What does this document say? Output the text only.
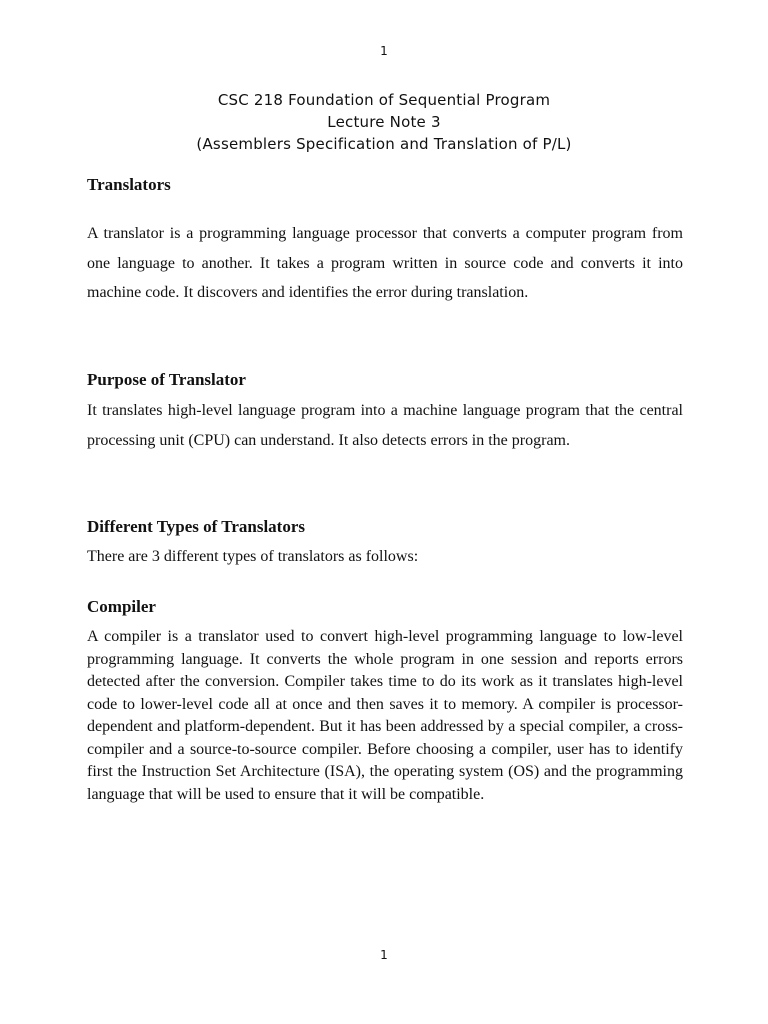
1
CSC 218 Foundation of Sequential Program
Lecture Note 3
(Assemblers Specification and Translation of P/L)
Translators
A translator is a programming language processor that converts a computer program from one language to another. It takes a program written in source code and converts it into machine code. It discovers and identifies the error during translation.
Purpose of Translator
It translates high-level language program into a machine language program that the central processing unit (CPU) can understand. It also detects errors in the program.
Different Types of Translators
There are 3 different types of translators as follows:
Compiler
A compiler is a translator used to convert high-level programming language to low-level programming language. It converts the whole program in one session and reports errors detected after the conversion. Compiler takes time to do its work as it translates high-level code to lower-level code all at once and then saves it to memory. A compiler is processor-dependent and platform-dependent. But it has been addressed by a special compiler, a cross-compiler and a source-to-source compiler. Before choosing a compiler, user has to identify first the Instruction Set Architecture (ISA), the operating system (OS) and the programming language that will be used to ensure that it will be compatible.
1
